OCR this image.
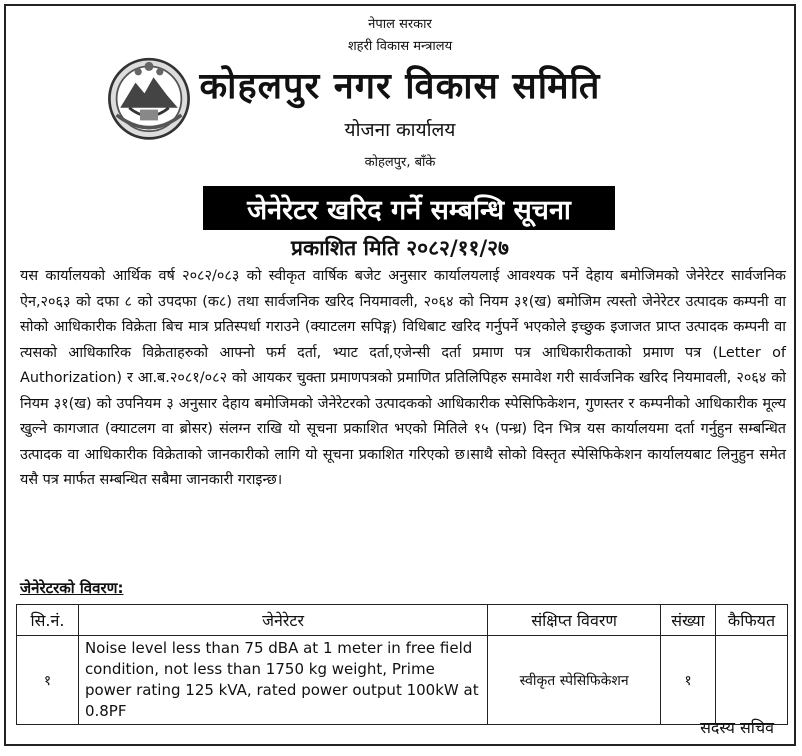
नेपाल सरकार
शहरी विकास मन्त्रालय
कोहलपुर नगर विकास समिति
योजना कार्यालय
कोहलपुर, बाँके
जेनेरेटर खरिद गर्ने सम्बन्धि सूचना
प्रकाशित मिति २०८२/११/२७
यस कार्यालयको आर्थिक वर्ष २०८२/०८३ को स्वीकृत वार्षिक बजेट अनुसार कार्यालयलाई आवश्यक पर्ने देहाय बमोजिमको जेनेरेटर सार्वजनिक ऐन,२०६३ को दफा ८ को उपदफा (क८) तथा सार्वजनिक खरिद नियमावली, २०६४ को नियम ३१(ख) बमोजिम त्यस्तो जेनेरेटर उत्पादक कम्पनी वा सोको आधिकारीक विक्रेता बिच मात्र प्रतिस्पर्धा गराउने (क्याटलग सपिङ्ग) विधिबाट खरिद गर्नुपर्ने भएकोले इच्छुक इजाजत प्राप्त उत्पादक कम्पनी वा त्यसको आधिकारिक विक्रेताहरुको आफ्नो फर्म दर्ता, भ्याट दर्ता,एजेन्सी दर्ता प्रमाण पत्र आधिकारीकताको प्रमाण पत्र (Letter of Authorization) र आ.ब.२०८१/०८२ को आयकर चुक्ता प्रमाणपत्रको प्रमाणित प्रतिलिपिहरु समावेश गरी सार्वजनिक खरिद नियमावली, २०६४ को नियम ३१(ख) को उपनियम ३ अनुसार देहाय बमोजिमको जेनेरेटरको उत्पादकको आधिकारीक स्पेसिफिकेशन, गुणस्तर र कम्पनीको आधिकारीक मूल्य खुल्ने कागजात (क्याटलग वा ब्रोसर) संलग्न राखि यो सूचना प्रकाशित भएको मितिले १५ (पन्ध्र) दिन भित्र यस कार्यालयमा दर्ता गर्नुहुन सम्बन्धित उत्पादक वा आधिकारीक विक्रेताको जानकारीको लागि यो सूचना प्रकाशित गरिएको छ।साथै सोको विस्तृत स्पेसिफिकेशन कार्यालयबाट लिनुहुन समेत यसै पत्र मार्फत सम्बन्धित सबैमा जानकारी गराइन्छ।
जेनेरेटरको विवरण:
सि.नं.	जेनेरेटर	संक्षिप्त विवरण	संख्या	कैफियत
१	Noise level less than 75 dBA at 1 meter in free field condition, not less than 1750 kg weight, Prime power rating 125 kVA, rated power output 100kW at 0.8PF	स्वीकृत स्पेसिफिकेशन	१	
सदस्य सचिव
